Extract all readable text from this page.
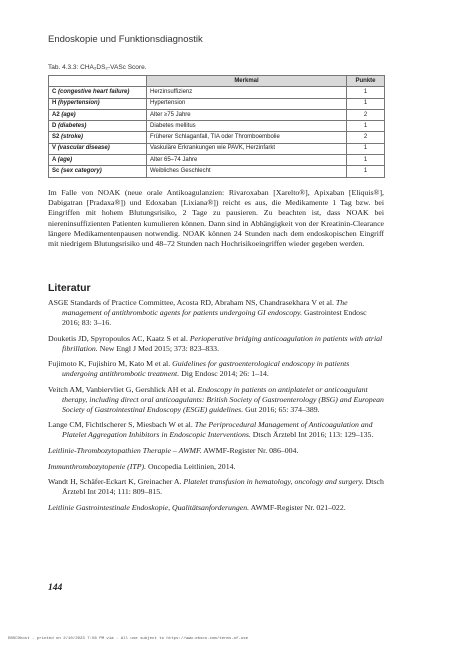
Endoskopie und Funktionsdiagnostik
Tab. 4.3.3: CHA₂DS₂-VASc Score.
	Merkmal	Punkte
C (congestive heart failure)	Herzinsuffizienz	1
H (hypertension)	Hypertension	1
A2 (age)	Alter ≥75 Jahre	2
D (diabetes)	Diabetes mellitus	1
S2 (stroke)	Früherer Schlaganfall, TIA oder Thromboembolie	2
V (vascular disease)	Vaskuläre Erkrankungen wie PAVK, Herzinfarkt	1
A (age)	Alter 65–74 Jahre	1
Sc (sex category)	Weibliches Geschlecht	1
Im Falle von NOAK (neue orale Antikoagulanzien: Rivaroxaban [Xarelto®], Apixaban [Eliquis®], Dabigatran [Pradaxa®]) und Edoxaban [Lixiana®]) reicht es aus, die Medikamente 1 Tag bzw. bei Eingriffen mit hohem Blutungsrisiko, 2 Tage zu pausieren. Zu beachten ist, dass NOAK bei niereninsuffizienten Patienten kumulieren können. Dann sind in Abhängigkeit von der Kreatinin-Clearance längere Medikamentenpausen notwendig. NOAK können 24 Stunden nach dem endoskopischen Eingriff mit niedrigem Blutungsrisiko und 48–72 Stunden nach Hochrisikoeingriffen wieder gegeben werden.
Literatur
ASGE Standards of Practice Committee, Acosta RD, Abraham NS, Chandrasekhara V et al. The management of antithrombotic agents for patients undergoing GI endoscopy. Gastrointest Endosc 2016; 83: 3–16.
Douketis JD, Spyropoulos AC, Kaatz S et al. Perioperative bridging anticoagulation in patients with atrial fibrillation. New Engl J Med 2015; 373: 823–833.
Fujimoto K, Fujishiro M, Kato M et al. Guidelines for gastroenterological endoscopy in patients undergoing antithrombotic treatment. Dig Endosc 2014; 26: 1–14.
Veitch AM, Vanbiervliet G, Gershlick AH et al. Endoscopy in patients on antiplatelet or anticoagulant therapy, including direct oral anticoagulants: British Society of Gastroenterology (BSG) and European Society of Gastrointestinal Endoscopy (ESGE) guidelines. Gut 2016; 65: 374–389.
Lange CM, Fichtlscherer S, Miesbach W et al. The Periprocedural Management of Anticoagulation and Platelet Aggregation Inhibitors in Endoscopic Interventions. Dtsch Ärztebl Int 2016; 113: 129–135.
Leitlinie-Thrombozytopathien Therapie – AWMF. AWMF-Register Nr. 086–004.
Immunthrombozytopenie (ITP). Oncopedia Leitlinien, 2014.
Wandt H, Schäfer-Eckart K, Greinacher A. Platelet transfusion in hematology, oncology and surgery. Dtsch Ärztebl Int 2014; 111: 809–815.
Leitlinie Gastrointestinale Endoskopie, Qualitätsanforderungen. AWMF-Register Nr. 021–022.
144
EBSCOhost - printed on 2/10/2023 7:56 PM via . All use subject to https://www.ebsco.com/terms-of-use
